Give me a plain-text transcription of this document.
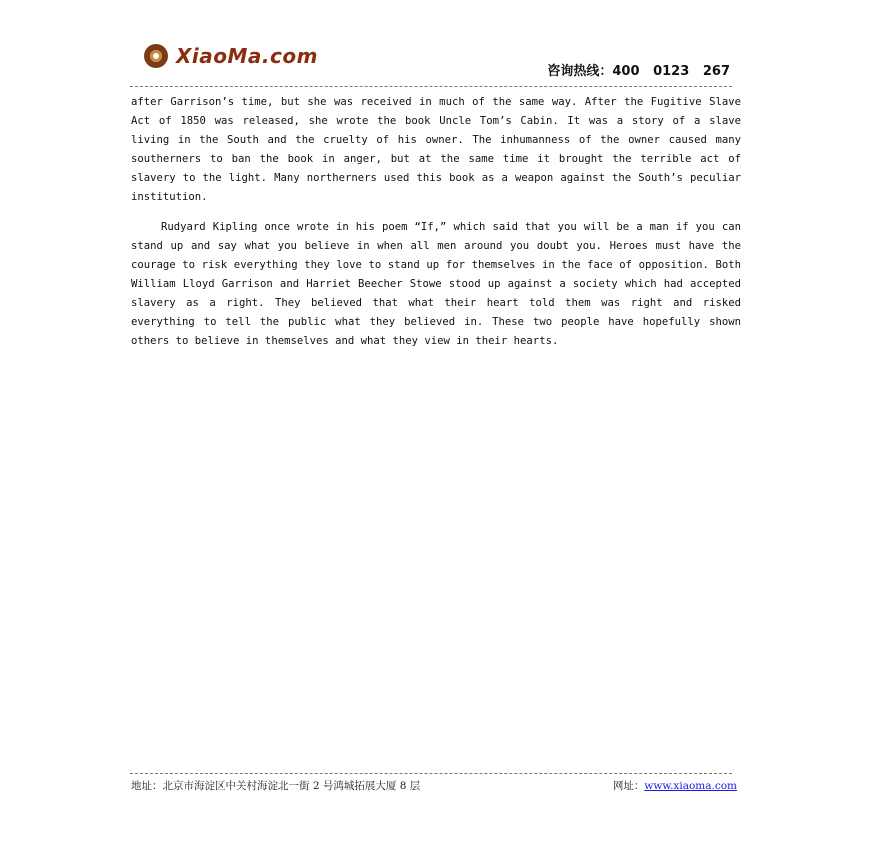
XiaoMa.com
咨询热线：400   0123   267

after Garrison’s time, but she was received in much of the same way. After the Fugitive Slave Act of 1850 was released, she wrote the book Uncle Tom’s Cabin. It was a story of a slave living in the South and the cruelty of his owner. The inhumanness of the owner caused many southerners to ban the book in anger, but at the same time it brought the terrible act of slavery to the light. Many northerners used this book as a weapon against the South’s peculiar institution.

Rudyard Kipling once wrote in his poem “If,” which said that you will be a man if you can stand up and say what you believe in when all men around you doubt you. Heroes must have the courage to risk everything they love to stand up for themselves in the face of opposition. Both William Lloyd Garrison and Harriet Beecher Stowe stood up against a society which had accepted slavery as a right. They believed that what their heart told them was right and risked everything to tell the public what they believed in. These two people have hopefully shown others to believe in themselves and what they view in their hearts.

地址：北京市海淀区中关村海淀北一街 2 号鸿城拓展大厦 8 层	网址：www.xiaoma.com
